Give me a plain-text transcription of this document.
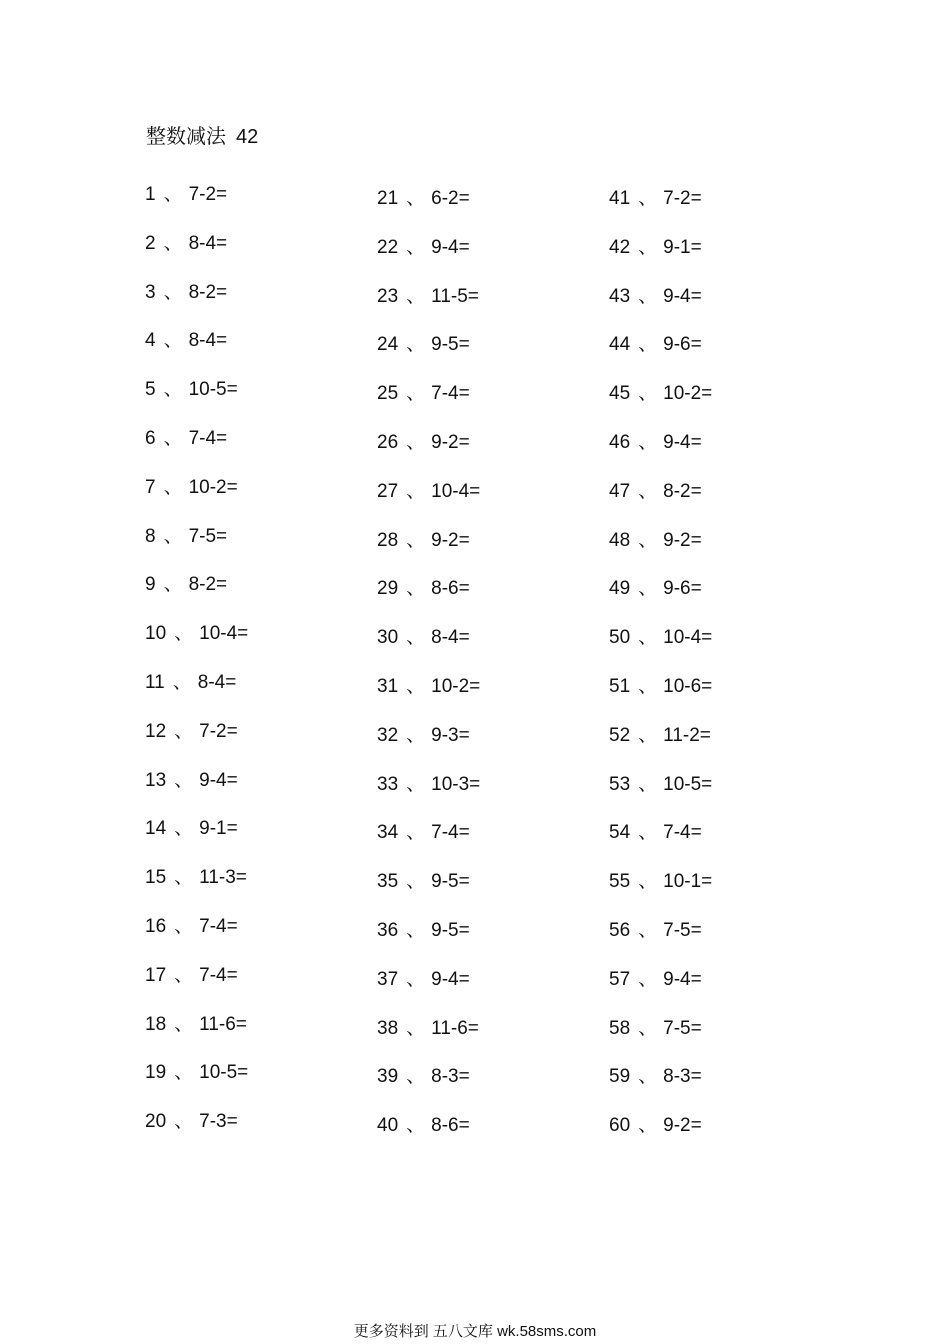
整数减法 42
1 、 7-2=
2 、 8-4=
3 、 8-2=
4 、 8-4=
5 、 10-5=
6 、 7-4=
7 、 10-2=
8 、 7-5=
9 、 8-2=
10 、 10-4=
11 、 8-4=
12 、 7-2=
13 、 9-4=
14 、 9-1=
15 、 11-3=
16 、 7-4=
17 、 7-4=
18 、 11-6=
19 、 10-5=
20 、 7-3=
21 、 6-2=
22 、 9-4=
23 、 11-5=
24 、 9-5=
25 、 7-4=
26 、 9-2=
27 、 10-4=
28 、 9-2=
29 、 8-6=
30 、 8-4=
31 、 10-2=
32 、 9-3=
33 、 10-3=
34 、 7-4=
35 、 9-5=
36 、 9-5=
37 、 9-4=
38 、 11-6=
39 、 8-3=
40 、 8-6=
41 、 7-2=
42 、 9-1=
43 、 9-4=
44 、 9-6=
45 、 10-2=
46 、 9-4=
47 、 8-2=
48 、 9-2=
49 、 9-6=
50 、 10-4=
51 、 10-6=
52 、 11-2=
53 、 10-5=
54 、 7-4=
55 、 10-1=
56 、 7-5=
57 、 9-4=
58 、 7-5=
59 、 8-3=
60 、 9-2=
更多资料到 五八文库 wk.58sms.com
